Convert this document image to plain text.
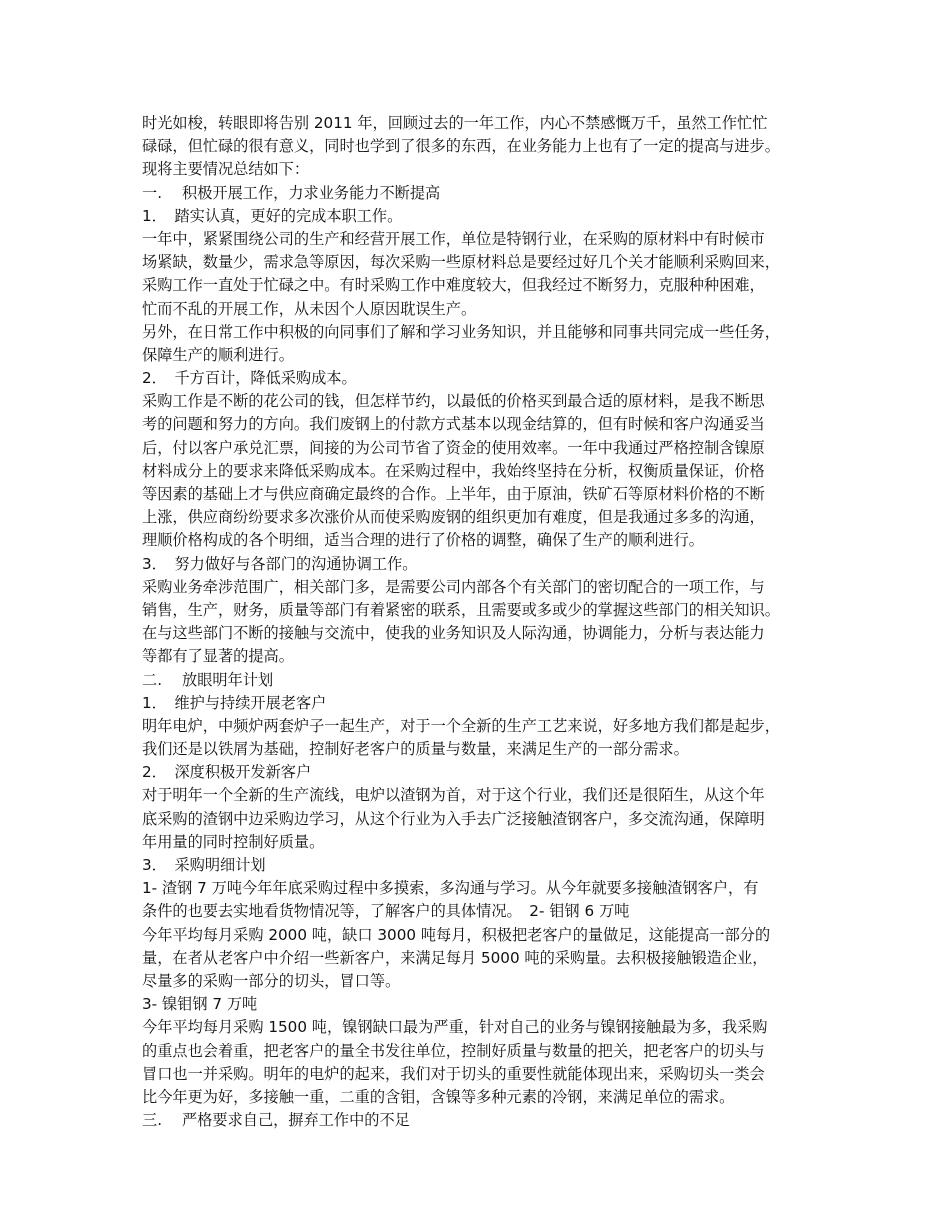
时光如梭，转眼即将告别 2011 年，回顾过去的一年工作，内心不禁感慨万千，虽然工作忙忙
碌碌，但忙碌的很有意义，同时也学到了很多的东西，在业务能力上也有了一定的提高与进步。
现将主要情况总结如下：
一.　 积极开展工作，力求业务能力不断提高
1．　踏实认真，更好的完成本职工作。
一年中，紧紧围绕公司的生产和经营开展工作，单位是特钢行业，在采购的原材料中有时候市
场紧缺，数量少，需求急等原因，每次采购一些原材料总是要经过好几个关才能顺利采购回来，
采购工作一直处于忙碌之中。有时采购工作中难度较大，但我经过不断努力，克服种种困难，
忙而不乱的开展工作，从未因个人原因耽误生产。
另外，在日常工作中积极的向同事们了解和学习业务知识，并且能够和同事共同完成一些任务，
保障生产的顺利进行。
2．　千方百计，降低采购成本。
采购工作是不断的花公司的钱，但怎样节约，以最低的价格买到最合适的原材料，是我不断思
考的问题和努力的方向。我们废钢上的付款方式基本以现金结算的，但有时候和客户沟通妥当
后，付以客户承兑汇票，间接的为公司节省了资金的使用效率。一年中我通过严格控制含镍原
材料成分上的要求来降低采购成本。在采购过程中，我始终坚持在分析，权衡质量保证，价格
等因素的基础上才与供应商确定最终的合作。上半年，由于原油，铁矿石等原材料价格的不断
上涨，供应商纷纷要求多次涨价从而使采购废钢的组织更加有难度，但是我通过多多的沟通，
理顺价格构成的各个明细，适当合理的进行了价格的调整，确保了生产的顺利进行。
3．　努力做好与各部门的沟通协调工作。
采购业务牵涉范围广，相关部门多，是需要公司内部各个有关部门的密切配合的一项工作，与
销售，生产，财务，质量等部门有着紧密的联系，且需要或多或少的掌握这些部门的相关知识。
在与这些部门不断的接触与交流中，使我的业务知识及人际沟通，协调能力，分析与表达能力
等都有了显著的提高。
二.　 放眼明年计划
1．　维护与持续开展老客户
明年电炉，中频炉两套炉子一起生产，对于一个全新的生产工艺来说，好多地方我们都是起步，
我们还是以铁屑为基础，控制好老客户的质量与数量，来满足生产的一部分需求。
2．　深度积极开发新客户
对于明年一个全新的生产流线，电炉以渣钢为首，对于这个行业，我们还是很陌生，从这个年
底采购的渣钢中边采购边学习，从这个行业为入手去广泛接触渣钢客户，多交流沟通，保障明
年用量的同时控制好质量。
3．　采购明细计划
1- 渣钢 7 万吨今年年底采购过程中多摸索，多沟通与学习。从今年就要多接触渣钢客户，有
条件的也要去实地看货物情况等，了解客户的具体情况。　2- 钼钢 6 万吨
今年平均每月采购 2000 吨，缺口 3000 吨每月，积极把老客户的量做足，这能提高一部分的
量，在者从老客户中介绍一些新客户，来满足每月 5000 吨的采购量。去积极接触锻造企业，
尽量多的采购一部分的切头，冒口等。
3- 镍钼钢 7 万吨
今年平均每月采购 1500 吨，镍钢缺口最为严重，针对自己的业务与镍钢接触最为多，我采购
的重点也会着重，把老客户的量全书发往单位，控制好质量与数量的把关，把老客户的切头与
冒口也一并采购。明年的电炉的起来，我们对于切头的重要性就能体现出来，采购切头一类会
比今年更为好，多接触一重，二重的含钼，含镍等多种元素的冷钢，来满足单位的需求。
三.　 严格要求自己，摒弃工作中的不足
